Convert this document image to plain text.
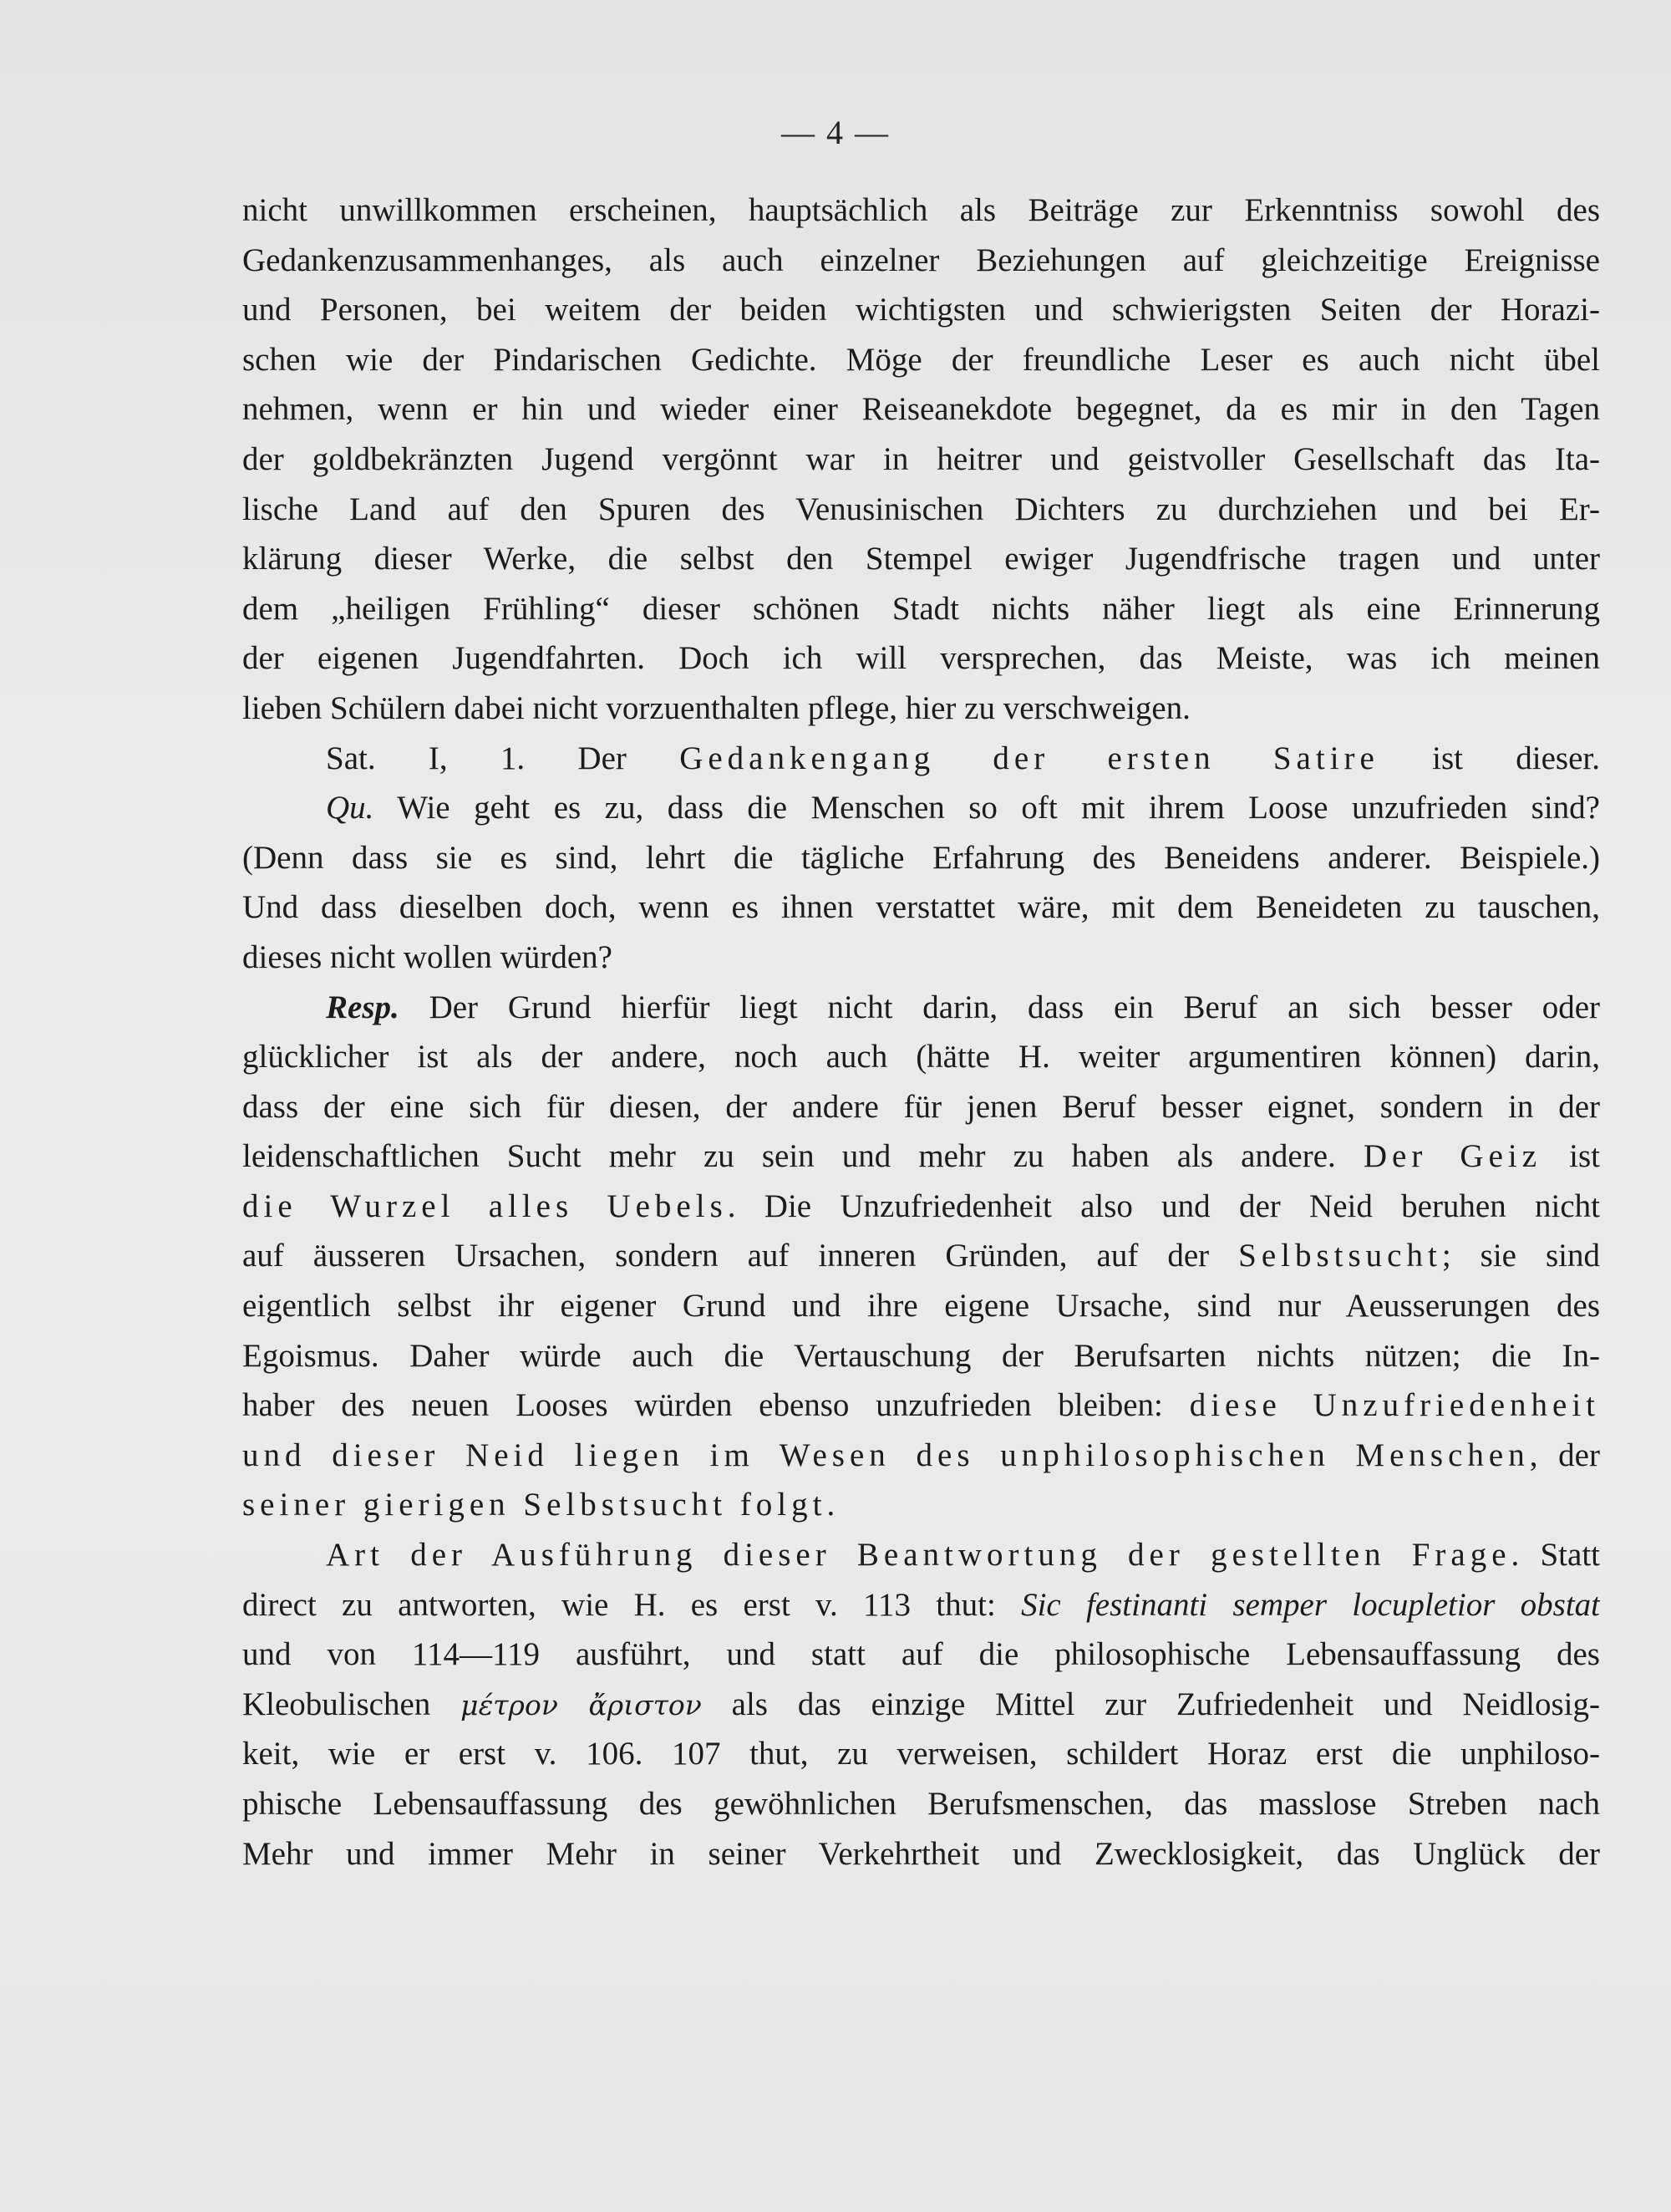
— 4 —
nicht unwillkommen erscheinen, hauptsächlich als Beiträge zur Erkenntniss sowohl des
Gedankenzusammenhanges, als auch einzelner Beziehungen auf gleichzeitige Ereignisse
und Personen, bei weitem der beiden wichtigsten und schwierigsten Seiten der Horazi-
schen wie der Pindarischen Gedichte. Möge der freundliche Leser es auch nicht übel
nehmen, wenn er hin und wieder einer Reiseanekdote begegnet, da es mir in den Tagen
der goldbekränzten Jugend vergönnt war in heitrer und geistvoller Gesellschaft das Ita-
lische Land auf den Spuren des Venusinischen Dichters zu durchziehen und bei Er-
klärung dieser Werke, die selbst den Stempel ewiger Jugendfrische tragen und unter
dem „heiligen Frühling“ dieser schönen Stadt nichts näher liegt als eine Erinnerung
der eigenen Jugendfahrten. Doch ich will versprechen, das Meiste, was ich meinen
lieben Schülern dabei nicht vorzuenthalten pflege, hier zu verschweigen.
Sat. I, 1. Der Gedankengang der ersten Satire ist dieser.
Qu. Wie geht es zu, dass die Menschen so oft mit ihrem Loose unzufrieden sind?
(Denn dass sie es sind, lehrt die tägliche Erfahrung des Beneidens anderer. Beispiele.)
Und dass dieselben doch, wenn es ihnen verstattet wäre, mit dem Beneideten zu tauschen,
dieses nicht wollen würden?
Resp. Der Grund hierfür liegt nicht darin, dass ein Beruf an sich besser oder
glücklicher ist als der andere, noch auch (hätte H. weiter argumentiren können) darin,
dass der eine sich für diesen, der andere für jenen Beruf besser eignet, sondern in der
leidenschaftlichen Sucht mehr zu sein und mehr zu haben als andere. Der Geiz ist
die Wurzel alles Uebels. Die Unzufriedenheit also und der Neid beruhen nicht
auf äusseren Ursachen, sondern auf inneren Gründen, auf der Selbstsucht; sie sind
eigentlich selbst ihr eigener Grund und ihre eigene Ursache, sind nur Aeusserungen des
Egoismus. Daher würde auch die Vertauschung der Berufsarten nichts nützen; die In-
haber des neuen Looses würden ebenso unzufrieden bleiben: diese Unzufriedenheit
und dieser Neid liegen im Wesen des unphilosophischen Menschen, der
seiner gierigen Selbstsucht folgt.
Art der Ausführung dieser Beantwortung der gestellten Frage. Statt
direct zu antworten, wie H. es erst v. 113 thut: Sic festinanti semper locupletior obstat
und von 114—119 ausführt, und statt auf die philosophische Lebensauffassung des
Kleobulischen μέτρον ἄριστον als das einzige Mittel zur Zufriedenheit und Neidlosig-
keit, wie er erst v. 106. 107 thut, zu verweisen, schildert Horaz erst die unphiloso-
phische Lebensauffassung des gewöhnlichen Berufsmenschen, das masslose Streben nach
Mehr und immer Mehr in seiner Verkehrtheit und Zwecklosigkeit, das Unglück der
